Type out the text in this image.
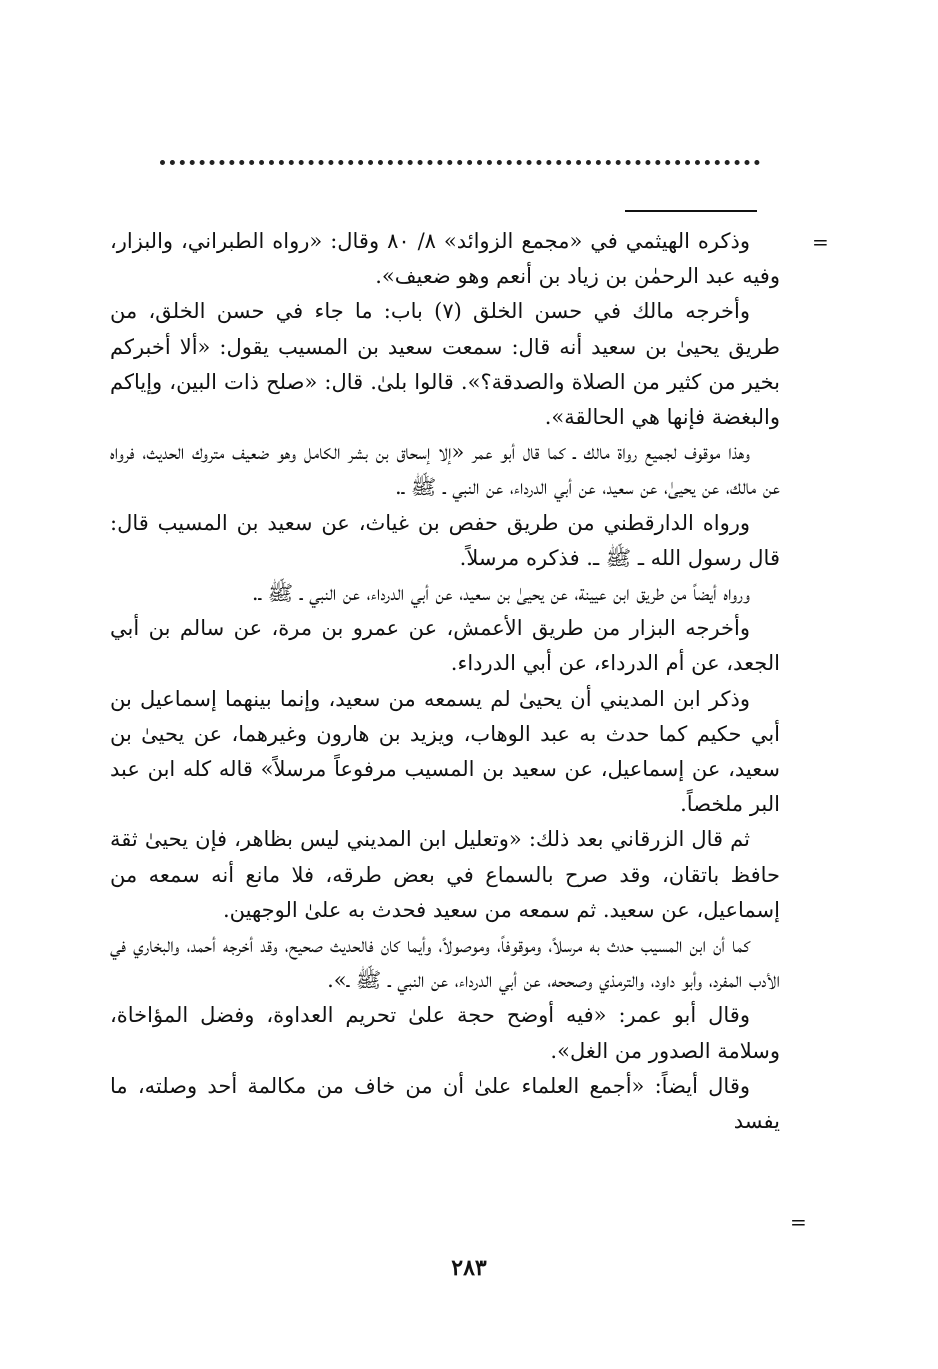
=

وذكره الهيثمي في «مجمع الزوائد» ٨/ ٨٠ وقال: «رواه الطبراني، والبزار، وفيه عبد الرحمٰن بن زياد بن أنعم وهو ضعيف».

وأخرجه مالك في حسن الخلق (٧) باب: ما جاء في حسن الخلق، من طريق يحيىٰ بن سعيد أنه قال: سمعت سعيد بن المسيب يقول: «ألا أخبركم بخير من كثير من الصلاة والصدقة؟». قالوا بلىٰ. قال: «صلح ذات البين، وإياكم والبغضة فإنها هي الحالقة».

وهذا موقوف لجميع رواة مالك ـ كما قال أبو عمر «إلا إسحاق بن بشر الكامل وهو ضعيف متروك الحديث، فرواه عن مالك، عن يحيىٰ، عن سعيد، عن أبي الدرداء، عن النبي ـ ﷺ ـ.

ورواه الدارقطني من طريق حفص بن غياث، عن سعيد بن المسيب قال: قال رسول الله ـ ﷺ ـ. فذكره مرسلاً.

ورواه أيضاً من طريق ابن عيينة، عن يحيىٰ بن سعيد، عن أبي الدرداء، عن النبي ـ ﷺ ـ.

وأخرجه البزار من طريق الأعمش، عن عمرو بن مرة، عن سالم بن أبي الجعد، عن أم الدرداء، عن أبي الدرداء.

وذكر ابن المديني أن يحيىٰ لم يسمعه من سعيد، وإنما بينهما إسماعيل بن أبي حكيم كما حدث به عبد الوهاب، ويزيد بن هارون وغيرهما، عن يحيىٰ بن سعيد، عن إسماعيل، عن سعيد بن المسيب مرفوعاً مرسلاً» قاله كله ابن عبد البر ملخصاً.

ثم قال الزرقاني بعد ذلك: «وتعليل ابن المديني ليس بظاهر، فإن يحيىٰ ثقة حافظ باتقان، وقد صرح بالسماع في بعض طرقه، فلا مانع أنه سمعه من إسماعيل، عن سعيد. ثم سمعه من سعيد فحدث به علىٰ الوجهين.

كما أن ابن المسيب حدث به مرسلاً، وموقوفاً، وموصولاً، وأيما كان فالحديث صحيح، وقد أخرجه أحمد، والبخاري في الأدب المفرد، وأبو داود، والترمذي وصححه، عن أبي الدرداء، عن النبي ـ ﷺ ـ».

وقال أبو عمر: «فيه أوضح حجة علىٰ تحريم العداوة، وفضل المؤاخاة، وسلامة الصدور من الغل».

وقال أيضاً: «أجمع العلماء علىٰ أن من خاف من مكالمة أحد وصلته، ما يفسد

=
٢٨٣
